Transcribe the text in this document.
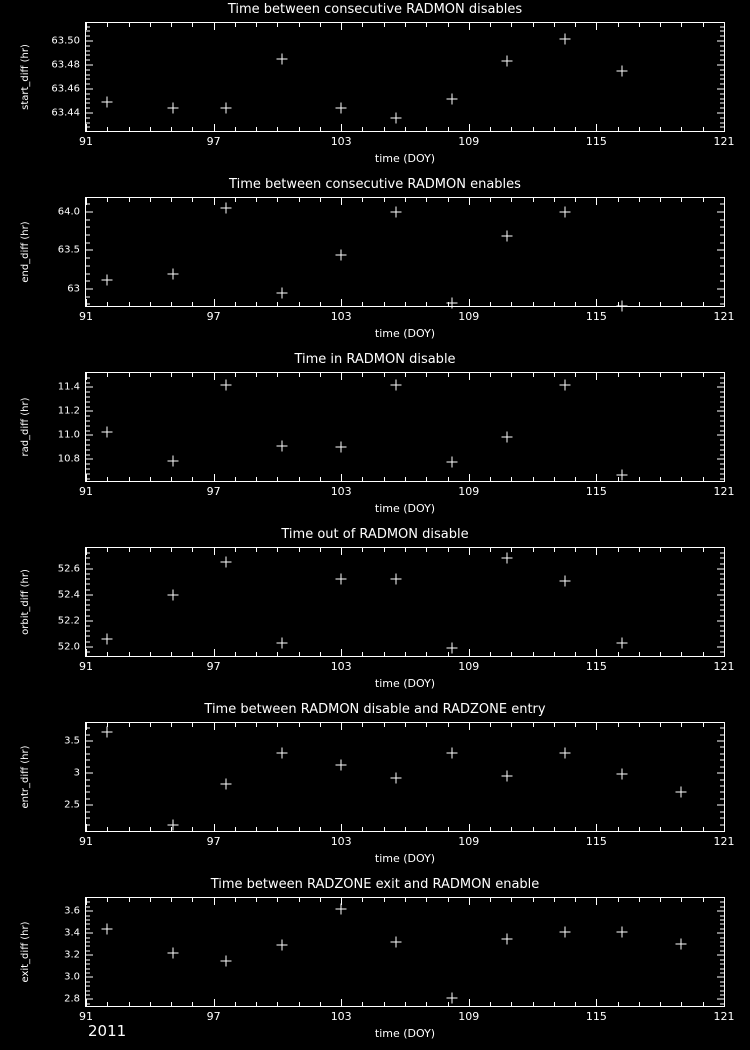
Time between consecutive RADMON disables
start_diff (hr)
time (DOY)
91	97	103	109	115	121
63.44
63.46
63.48
63.50
Time between consecutive RADMON enables
end_diff (hr)
time (DOY)
91	97	103	109	115	121
63
63.5
64.0
Time in RADMON disable
rad_diff (hr)
time (DOY)
91	97	103	109	115	121
10.8
11.0
11.2
11.4
Time out of RADMON disable
orbit_diff (hr)
time (DOY)
91	97	103	109	115	121
52.0
52.2
52.4
52.6
Time between RADMON disable and RADZONE entry
entr_diff (hr)
time (DOY)
91	97	103	109	115	121
2.5
3
3.5
Time between RADZONE exit and RADMON enable
exit_diff (hr)
time (DOY)
91	97	103	109	115	121
2.8
3.0
3.2
3.4
3.6
2011
